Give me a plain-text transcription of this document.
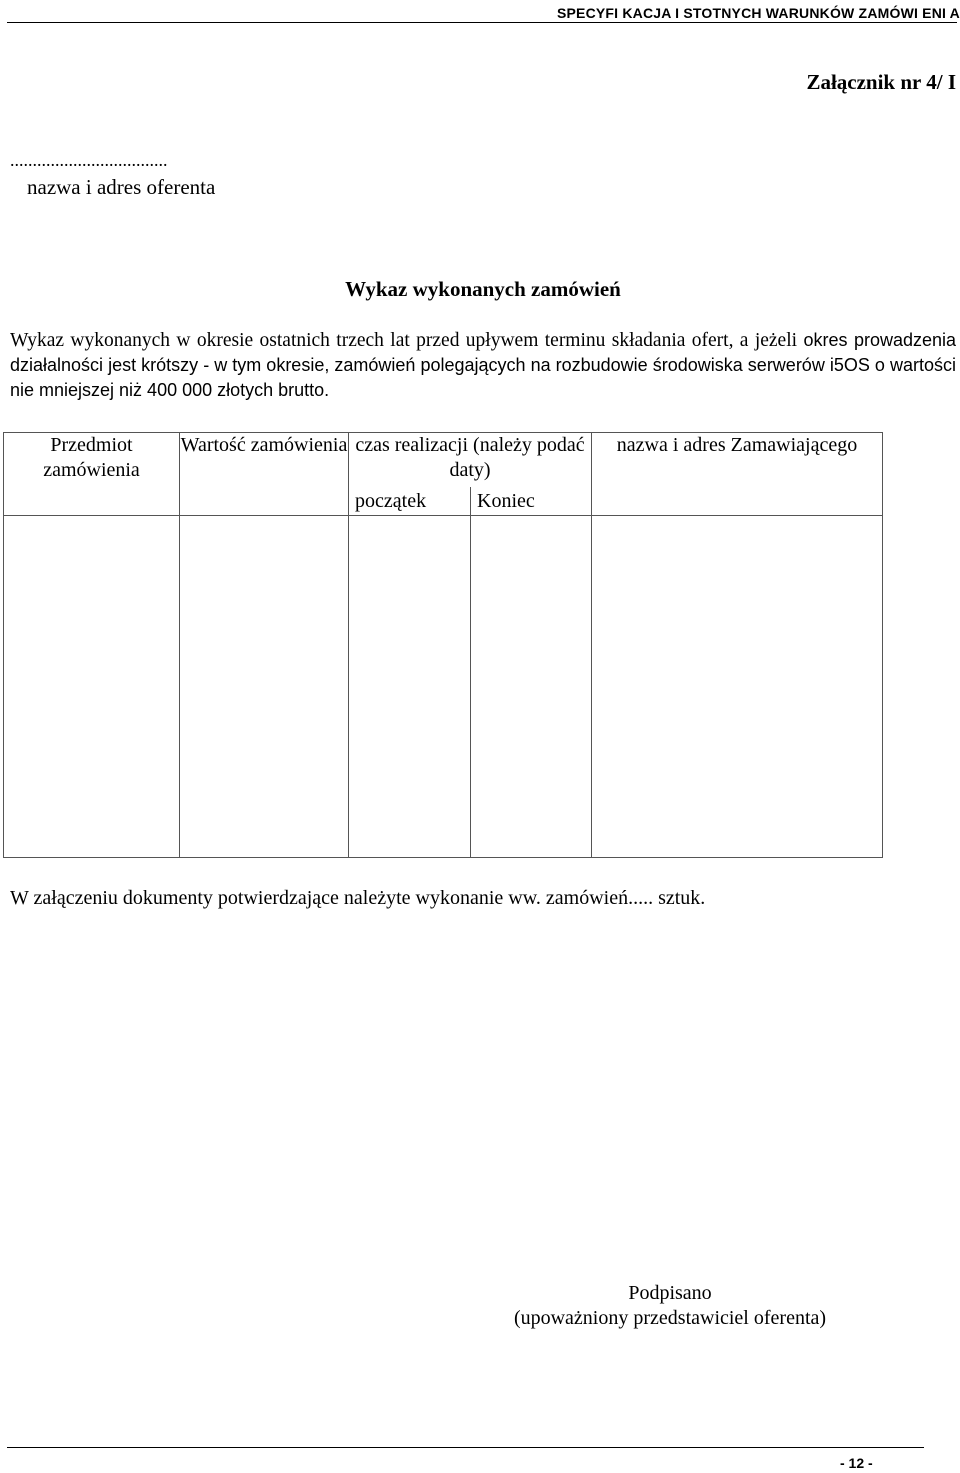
SPECYFI KACJA I STOTNYCH WARUNKÓW ZAMÓWI ENI A
Załącznik nr 4/ I
...................................
nazwa i adres oferenta
Wykaz wykonanych zamówień
Wykaz wykonanych w okresie ostatnich trzech lat przed upływem terminu składania ofert, a jeżeli okres prowadzenia działalności jest krótszy - w tym okresie, zamówień polegających na rozbudowie środowiska serwerów i5OS o wartości nie mniejszej niż 400 000 złotych brutto.
Przedmiot zamówienia	Wartość zamówienia	czas realizacji (należy podać daty)		nazwa i adres Zamawiającego
		początek	Koniec	

W załączeniu dokumenty potwierdzające należyte wykonanie ww. zamówień..... sztuk.
Podpisano
(upoważniony przedstawiciel oferenta)
- 12 -
